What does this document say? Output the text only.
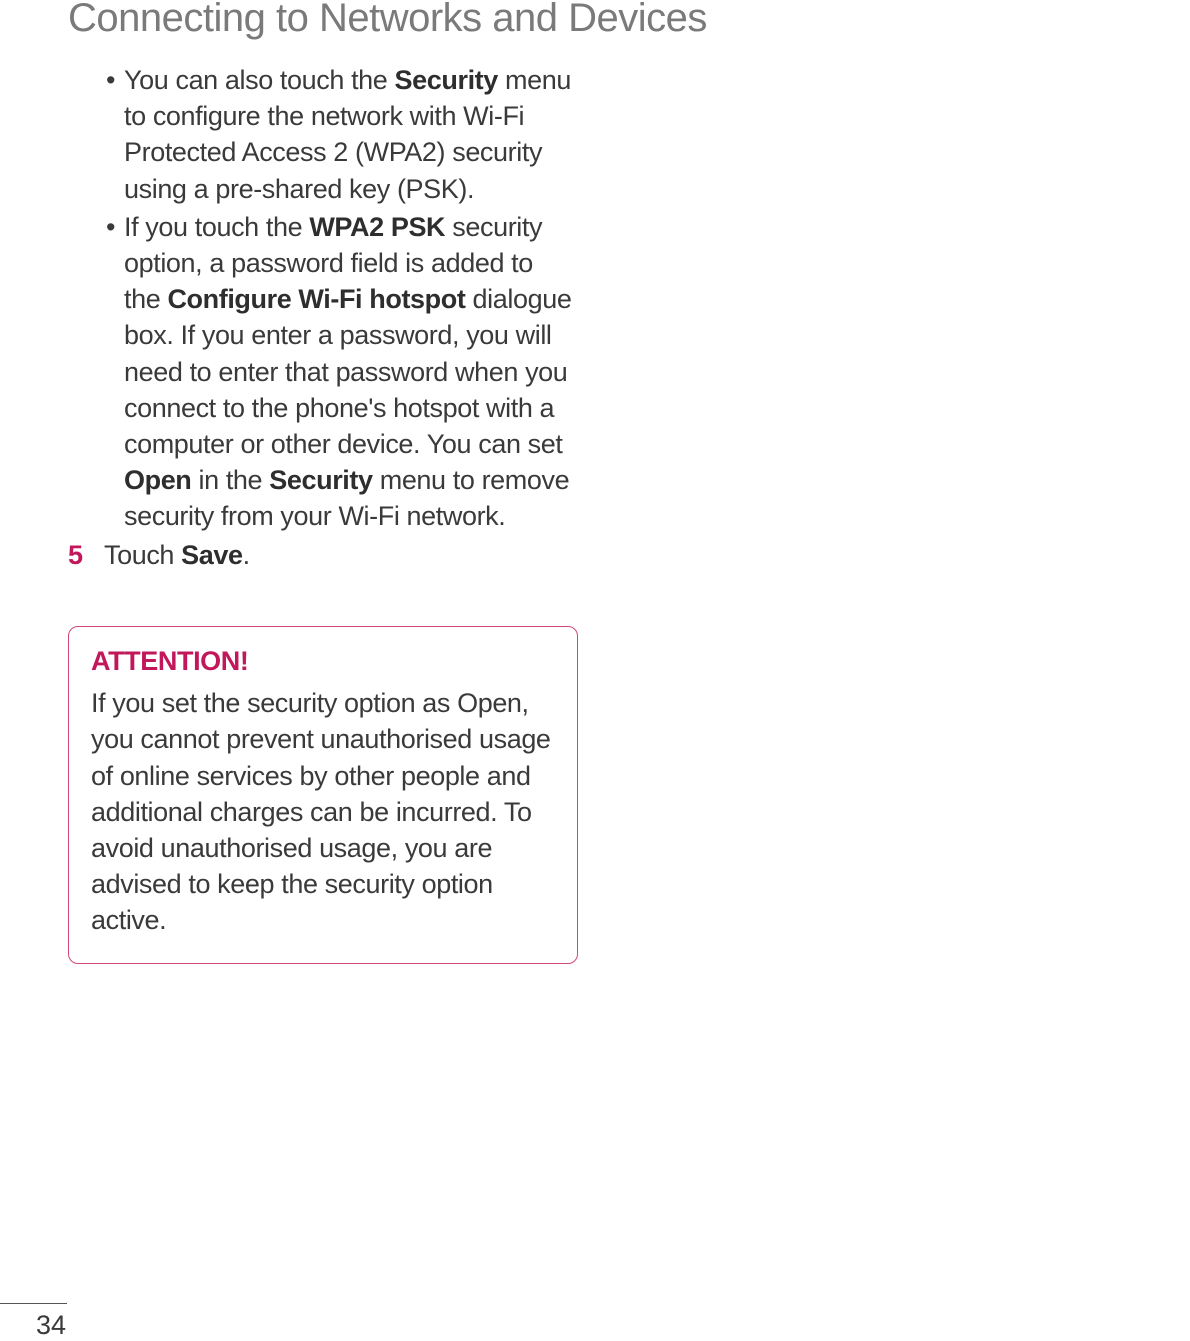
Connecting to Networks and Devices

• You can also touch the Security menu to configure the network with Wi-Fi Protected Access 2 (WPA2) security using a pre-shared key (PSK).

• If you touch the WPA2 PSK security option, a password field is added to the Configure Wi-Fi hotspot dialogue box. If you enter a password, you will need to enter that password when you connect to the phone's hotspot with a computer or other device. You can set Open in the Security menu to remove security from your Wi-Fi network.

5 Touch Save.

ATTENTION!

If you set the security option as Open, you cannot prevent unauthorised usage of online services by other people and additional charges can be incurred. To avoid unauthorised usage, you are advised to keep the security option active.

34
